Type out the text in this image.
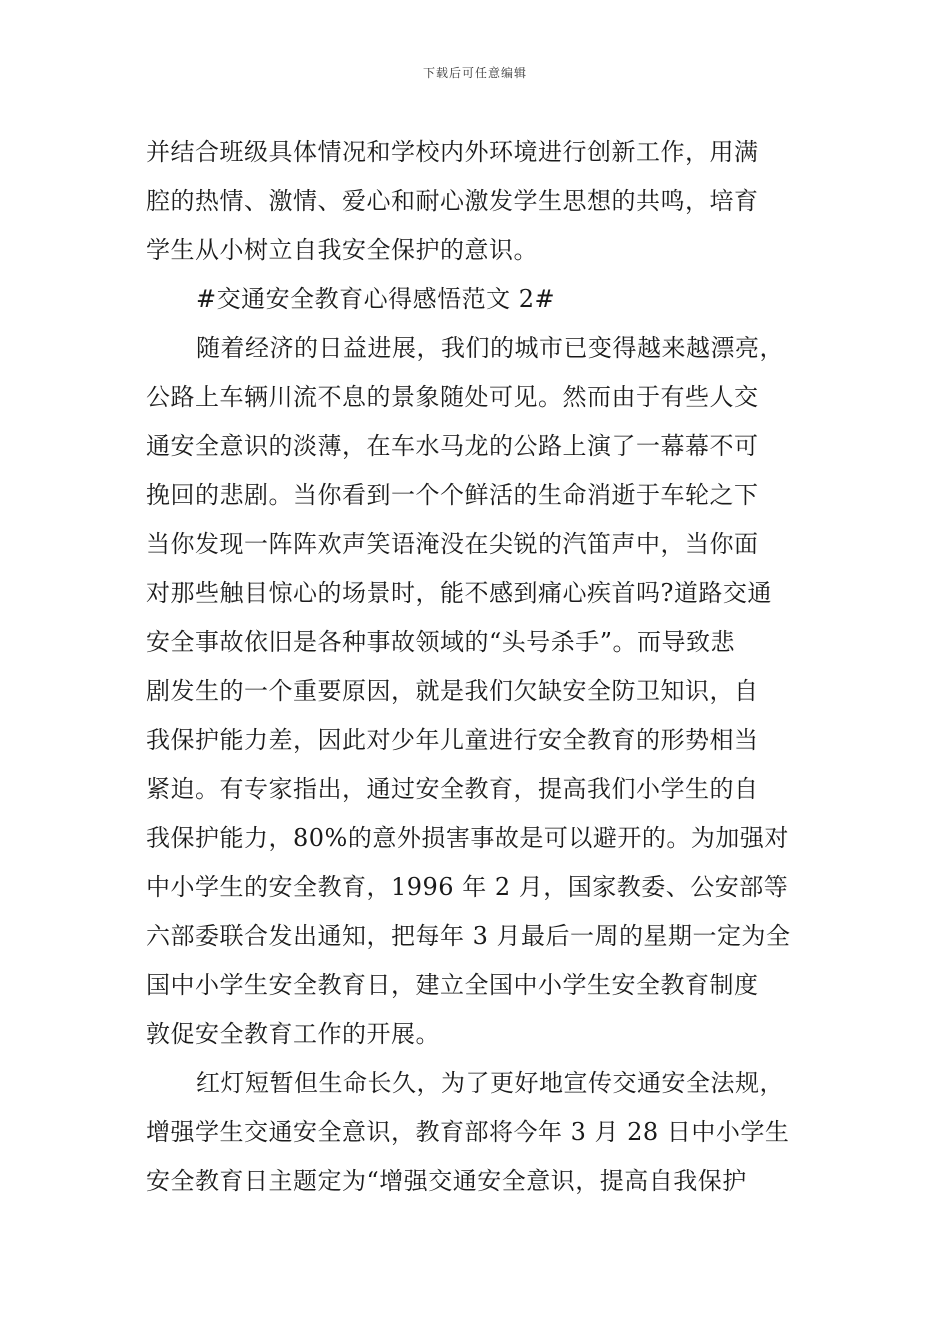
下载后可任意编辑
并结合班级具体情况和学校内外环境进行创新工作，用满
腔的热情、激情、爱心和耐心激发学生思想的共鸣，培育
学生从小树立自我安全保护的意识。
#交通安全教育心得感悟范文 2#
随着经济的日益进展，我们的城市已变得越来越漂亮，
公路上车辆川流不息的景象随处可见。然而由于有些人交
通安全意识的淡薄，在车水马龙的公路上演了一幕幕不可
挽回的悲剧。当你看到一个个鲜活的生命消逝于车轮之下
当你发现一阵阵欢声笑语淹没在尖锐的汽笛声中，当你面
对那些触目惊心的场景时，能不感到痛心疾首吗?道路交通
安全事故依旧是各种事故领域的“头号杀手”。而导致悲
剧发生的一个重要原因，就是我们欠缺安全防卫知识，自
我保护能力差，因此对少年儿童进行安全教育的形势相当
紧迫。有专家指出，通过安全教育，提高我们小学生的自
我保护能力，80%的意外损害事故是可以避开的。为加强对
中小学生的安全教育，1996 年 2 月，国家教委、公安部等
六部委联合发出通知，把每年 3 月最后一周的星期一定为全
国中小学生安全教育日，建立全国中小学生安全教育制度
敦促安全教育工作的开展。
红灯短暂但生命长久，为了更好地宣传交通安全法规，
增强学生交通安全意识，教育部将今年 3 月 28 日中小学生
安全教育日主题定为“增强交通安全意识，提高自我保护
